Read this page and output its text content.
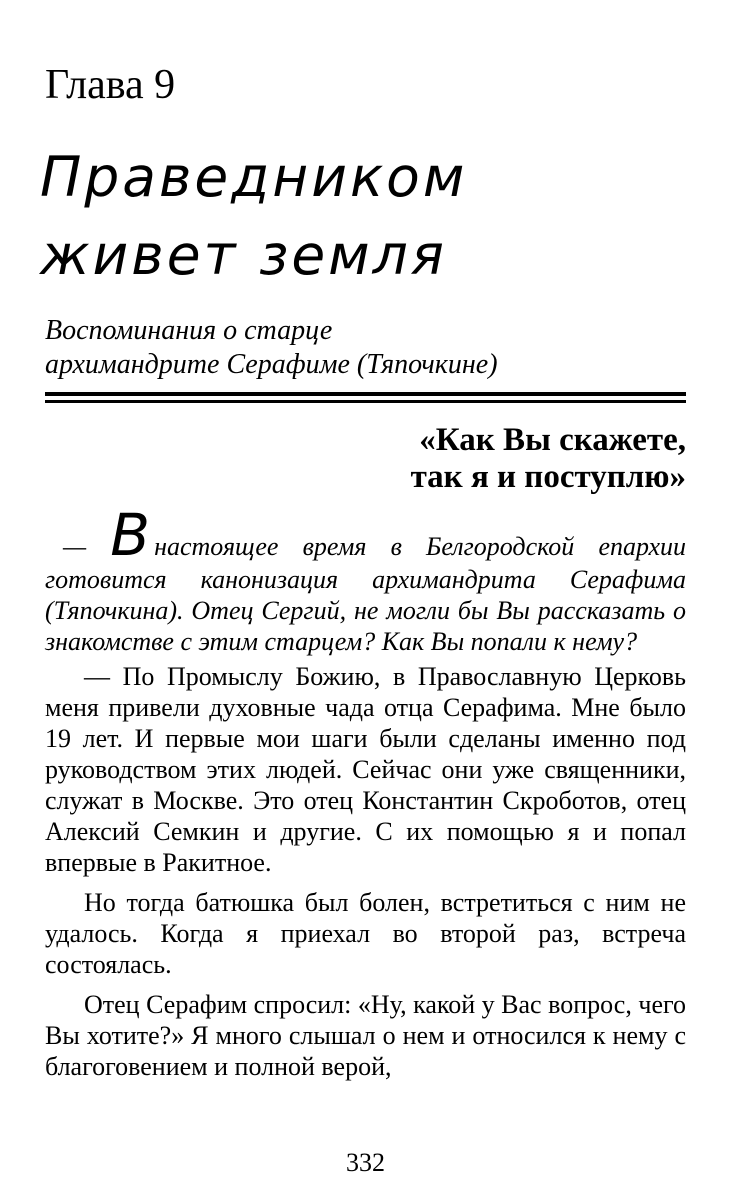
Глава 9
Праведником
живет земля
Воспоминания о старце
архимандрите Серафиме (Тяпочкине)
«Как Вы скажете,
так я и поступлю»

— В настоящее время в Белгородской епархии готовится канонизация архимандрита Серафима (Тяпочкина). Отец Сергий, не могли бы Вы рассказать о знакомстве с этим старцем? Как Вы попали к нему?

— По Промыслу Божию, в Православную Церковь меня привели духовные чада отца Серафима. Мне было 19 лет. И первые мои шаги были сделаны именно под руководством этих людей. Сейчас они уже священники, служат в Москве. Это отец Константин Скроботов, отец Алексий Семкин и другие. С их помощью я и попал впервые в Ракитное.

Но тогда батюшка был болен, встретиться с ним не удалось. Когда я приехал во второй раз, встреча состоялась.

Отец Серафим спросил: «Ну, какой у Вас вопрос, чего Вы хотите?» Я много слышал о нем и относился к нему с благоговением и полной верой,

332
